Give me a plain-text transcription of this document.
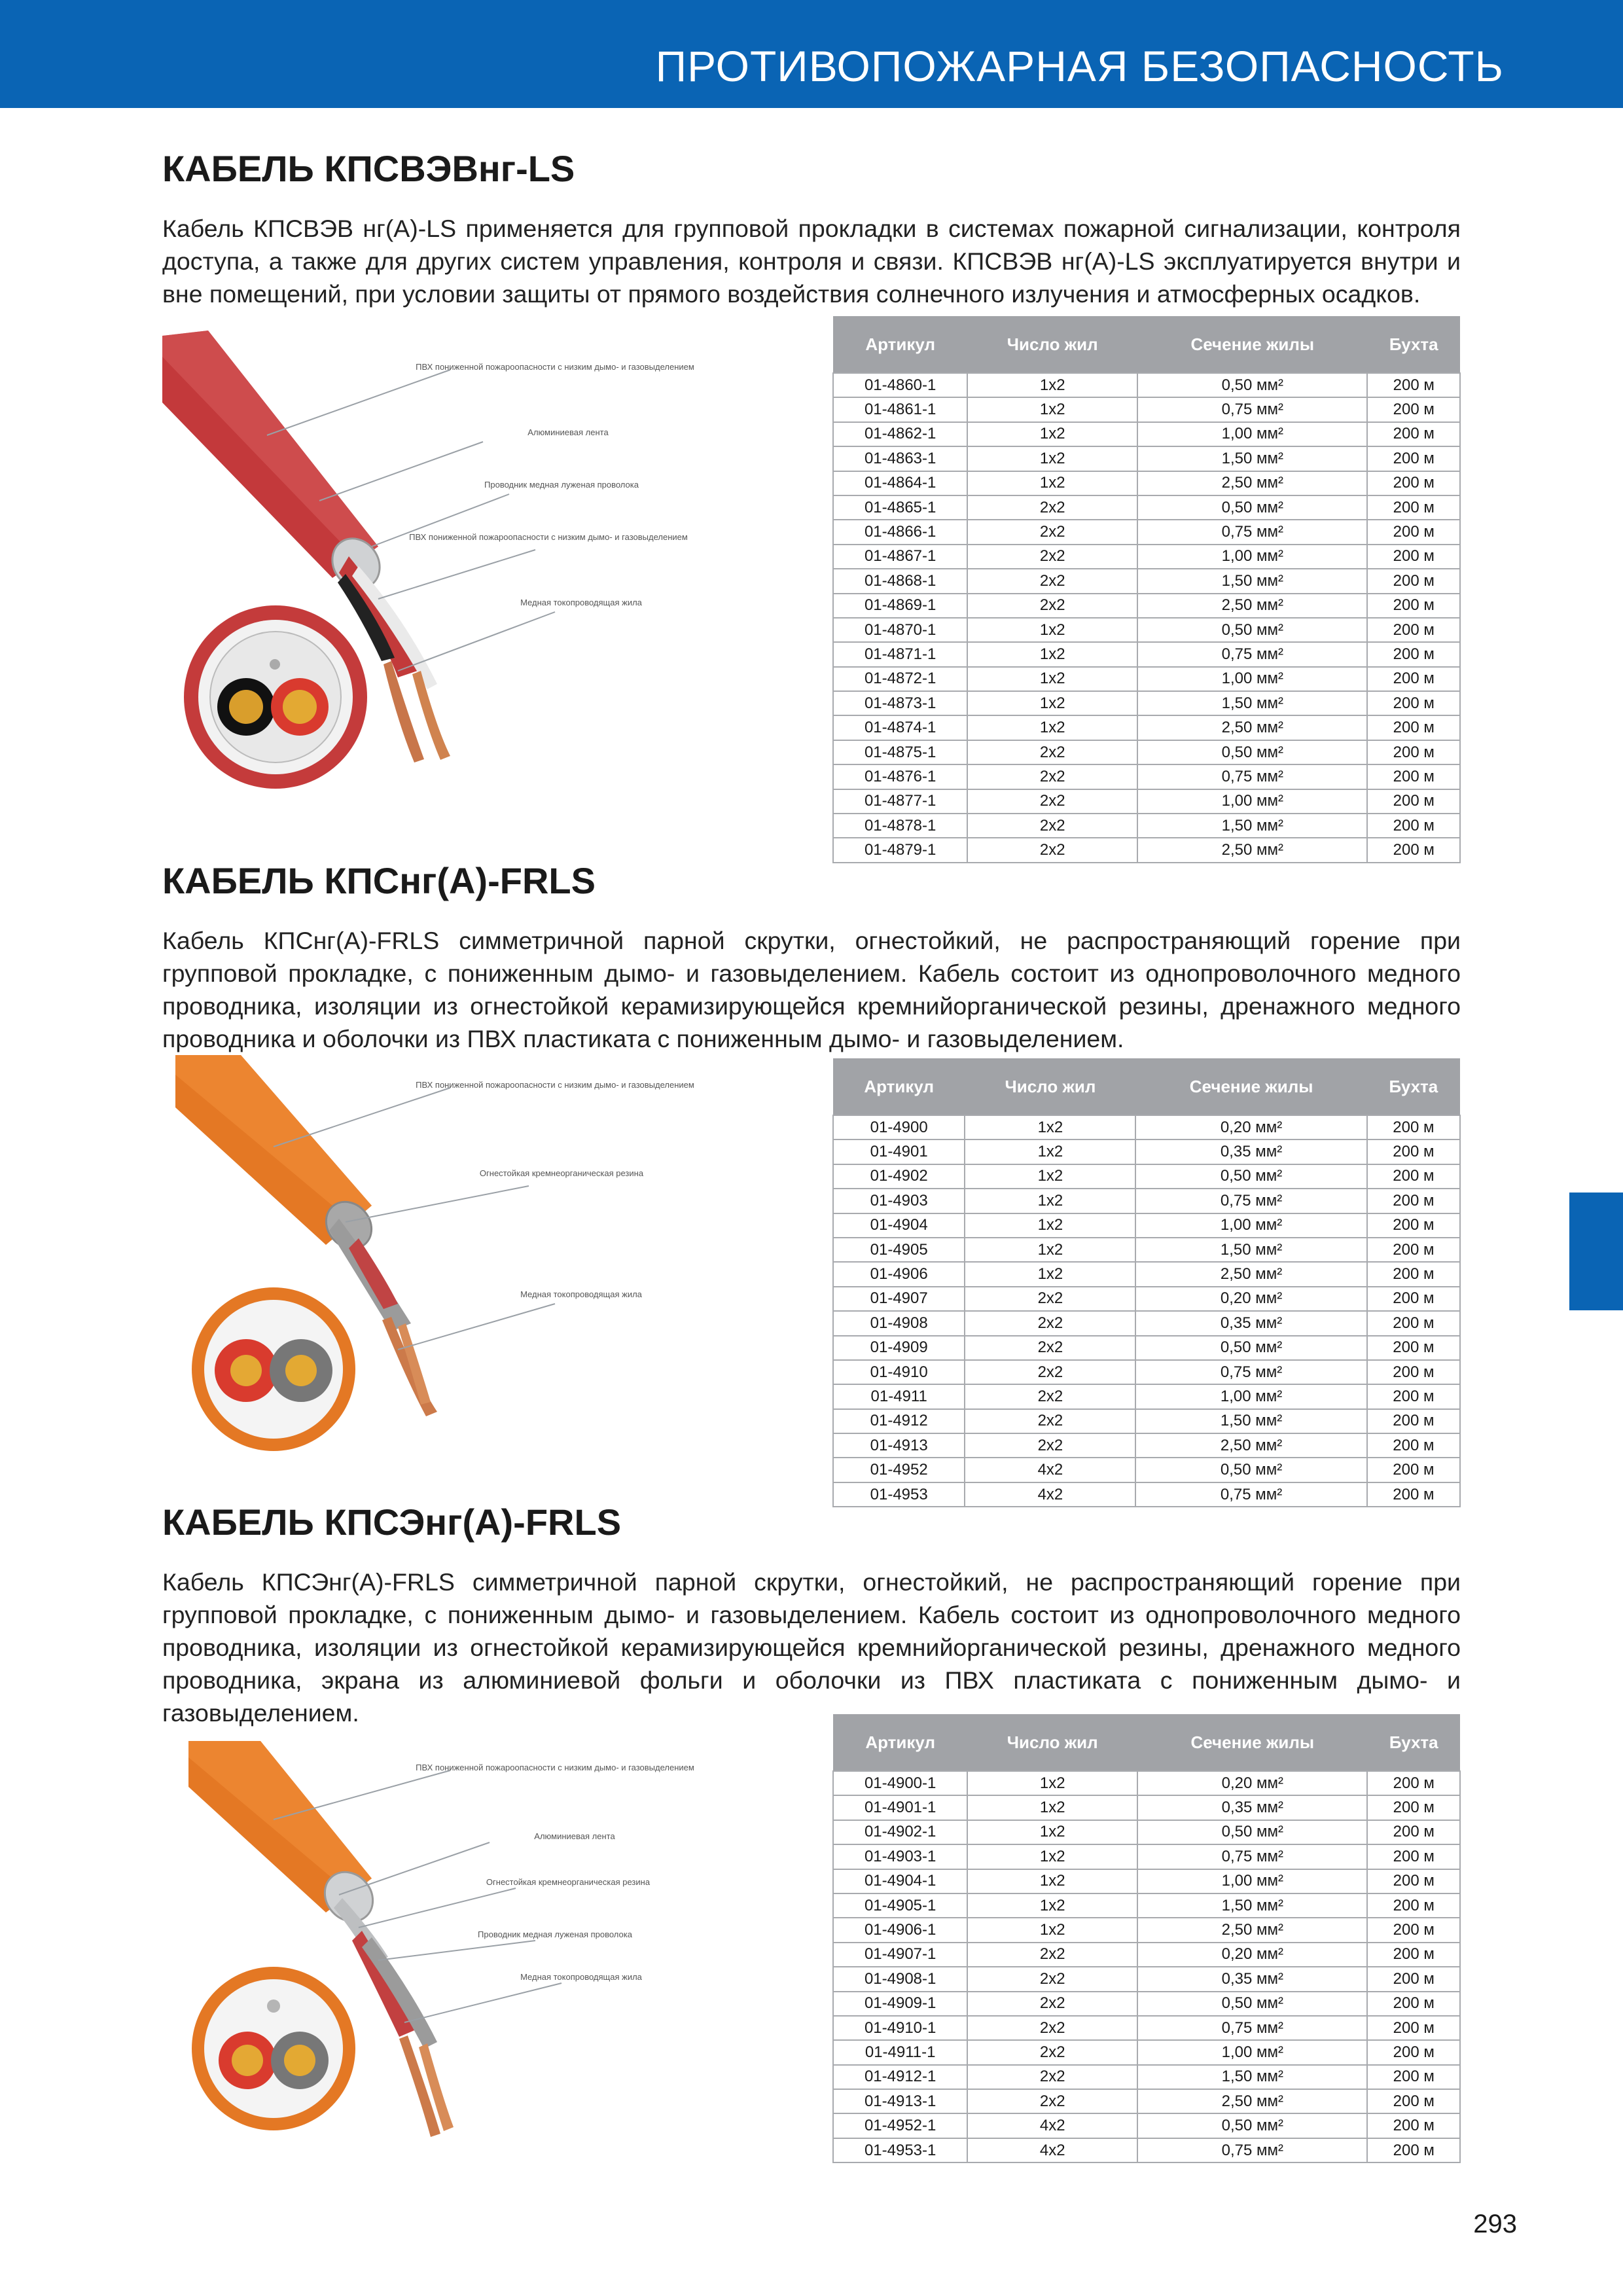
ПРОТИВОПОЖАРНАЯ БЕЗОПАСНОСТЬ
КАБЕЛЬ КПСВЭВнг-LS

Кабель КПСВЭВ нг(А)-LS применяется для групповой прокладки в системах пожарной сигнализации, контроля доступа, а также для других систем управления, контроля и связи. КПСВЭВ нг(А)-LS эксплуатируется внутри и вне помещений, при условии защиты от прямого воздействия солнечного излучения и атмосферных осадков.

ПВХ пониженной пожароопасности с низким дымо- и газовыделением
Алюминиевая лента
Проводник медная луженая проволока
ПВХ пониженной пожароопасности с низким дымо- и газовыделением
Медная токопроводящая жила
Артикул	Число жил	Сечение жилы	Бухта
01-4860-1	1x2	0,50 мм²	200 м
01-4861-1	1x2	0,75 мм²	200 м
01-4862-1	1x2	1,00 мм²	200 м
01-4863-1	1x2	1,50 мм²	200 м
01-4864-1	1x2	2,50 мм²	200 м
01-4865-1	2x2	0,50 мм²	200 м
01-4866-1	2x2	0,75 мм²	200 м
01-4867-1	2x2	1,00 мм²	200 м
01-4868-1	2x2	1,50 мм²	200 м
01-4869-1	2x2	2,50 мм²	200 м
01-4870-1	1x2	0,50 мм²	200 м
01-4871-1	1x2	0,75 мм²	200 м
01-4872-1	1x2	1,00 мм²	200 м
01-4873-1	1x2	1,50 мм²	200 м
01-4874-1	1x2	2,50 мм²	200 м
01-4875-1	2x2	0,50 мм²	200 м
01-4876-1	2x2	0,75 мм²	200 м
01-4877-1	2x2	1,00 мм²	200 м
01-4878-1	2x2	1,50 мм²	200 м
01-4879-1	2x2	2,50 мм²	200 м
КАБЕЛЬ КПСнг(А)-FRLS

Кабель КПСнг(А)-FRLS симметричной парной скрутки, огнестойкий, не распространяющий горение при групповой прокладке, с пониженным дымо- и газовыделением. Кабель состоит из однопроволочного медного проводника, изоляции из огнестойкой керамизирующейся кремнийорганической резины, дренажного медного проводника и оболочки из ПВХ пластиката с пониженным дымо- и газовыделением.

ПВХ пониженной пожароопасности с низким дымо- и газовыделением
Огнестойкая кремнеорганическая резина
Медная токопроводящая жила
Артикул	Число жил	Сечение жилы	Бухта
01-4900	1x2	0,20 мм²	200 м
01-4901	1x2	0,35 мм²	200 м
01-4902	1x2	0,50 мм²	200 м
01-4903	1x2	0,75 мм²	200 м
01-4904	1x2	1,00 мм²	200 м
01-4905	1x2	1,50 мм²	200 м
01-4906	1x2	2,50 мм²	200 м
01-4907	2x2	0,20 мм²	200 м
01-4908	2x2	0,35 мм²	200 м
01-4909	2x2	0,50 мм²	200 м
01-4910	2x2	0,75 мм²	200 м
01-4911	2x2	1,00 мм²	200 м
01-4912	2x2	1,50 мм²	200 м
01-4913	2x2	2,50 мм²	200 м
01-4952	4x2	0,50 мм²	200 м
01-4953	4x2	0,75 мм²	200 м
КАБЕЛЬ КПСЭнг(А)-FRLS

Кабель КПСЭнг(А)-FRLS симметричной парной скрутки, огнестойкий, не распространяющий горение при групповой прокладке, с пониженным дымо- и газовыделением. Кабель состоит из однопроволочного медного проводника, изоляции из огнестойкой керамизирующейся кремнийорганической резины, дренажного медного проводника, экрана из алюминиевой фольги и оболочки из ПВХ пластиката с пониженным дымо- и газовыделением.

ПВХ пониженной пожароопасности с низким дымо- и газовыделением
Алюминиевая лента
Огнестойкая кремнеорганическая резина
Проводник медная луженая проволока
Медная токопроводящая жила
Артикул	Число жил	Сечение жилы	Бухта
01-4900-1	1x2	0,20 мм²	200 м
01-4901-1	1x2	0,35 мм²	200 м
01-4902-1	1x2	0,50 мм²	200 м
01-4903-1	1x2	0,75 мм²	200 м
01-4904-1	1x2	1,00 мм²	200 м
01-4905-1	1x2	1,50 мм²	200 м
01-4906-1	1x2	2,50 мм²	200 м
01-4907-1	2x2	0,20 мм²	200 м
01-4908-1	2x2	0,35 мм²	200 м
01-4909-1	2x2	0,50 мм²	200 м
01-4910-1	2x2	0,75 мм²	200 м
01-4911-1	2x2	1,00 мм²	200 м
01-4912-1	2x2	1,50 мм²	200 м
01-4913-1	2x2	2,50 мм²	200 м
01-4952-1	4x2	0,50 мм²	200 м
01-4953-1	4x2	0,75 мм²	200 м
293
